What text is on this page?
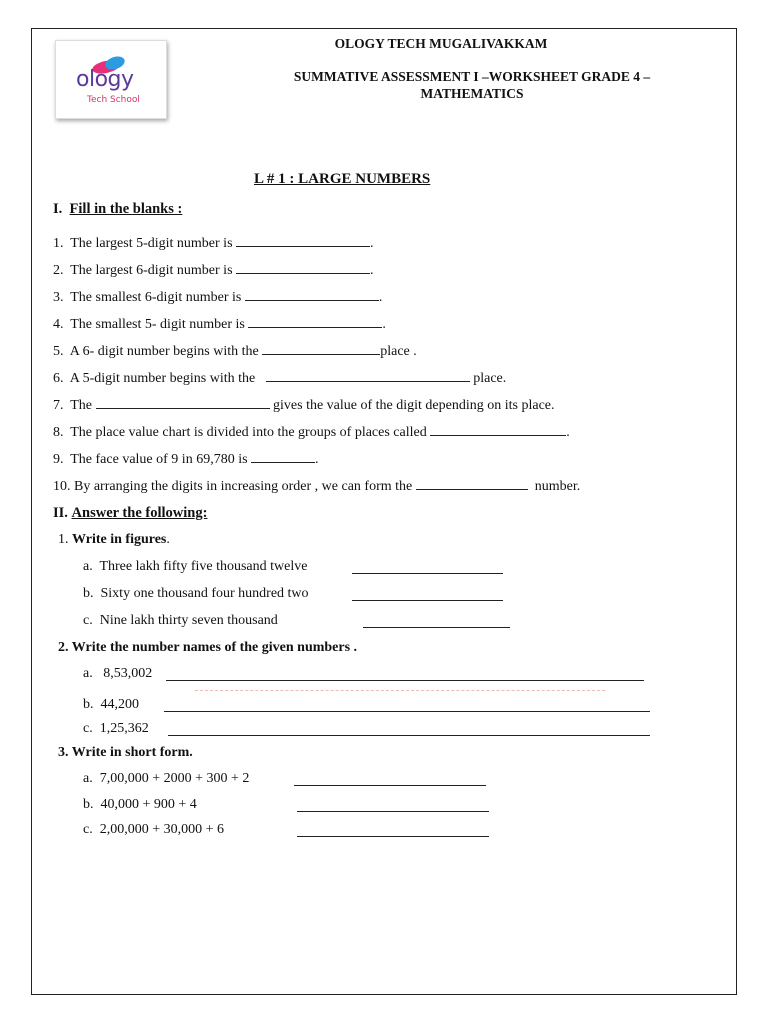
ology
Tech School
OLOGY TECH MUGALIVAKKAM
SUMMATIVE ASSESSMENT I –WORKSHEET GRADE 4 –
MATHEMATICS
L # 1 : LARGE NUMBERS
I. Fill in the blanks :
1. The largest 5-digit number is	.
2. The largest 6-digit number is	.
3. The smallest 6-digit number is	.
4. The smallest 5- digit number is	.
5. A 6- digit number begins with the	place .
6. A 5-digit number begins with the	place.
7. The	gives the value of the digit depending on its place.
8. The place value chart is divided into the groups of places called	.
9. The face value of 9 in 69,780 is	.
10. By arranging the digits in increasing order , we can form the	number.
II. Answer the following:
1. Write in figures.
a. Three lakh fifty five thousand twelve
b. Sixty one thousand four hundred two
c. Nine lakh thirty seven thousand
2. Write the number names of the given numbers .
a. 8,53,002
b. 44,200
c. 1,25,362
3. Write in short form.
a. 7,00,000 + 2000 + 300 + 2
b. 40,000 + 900 + 4
c. 2,00,000 + 30,000 + 6
